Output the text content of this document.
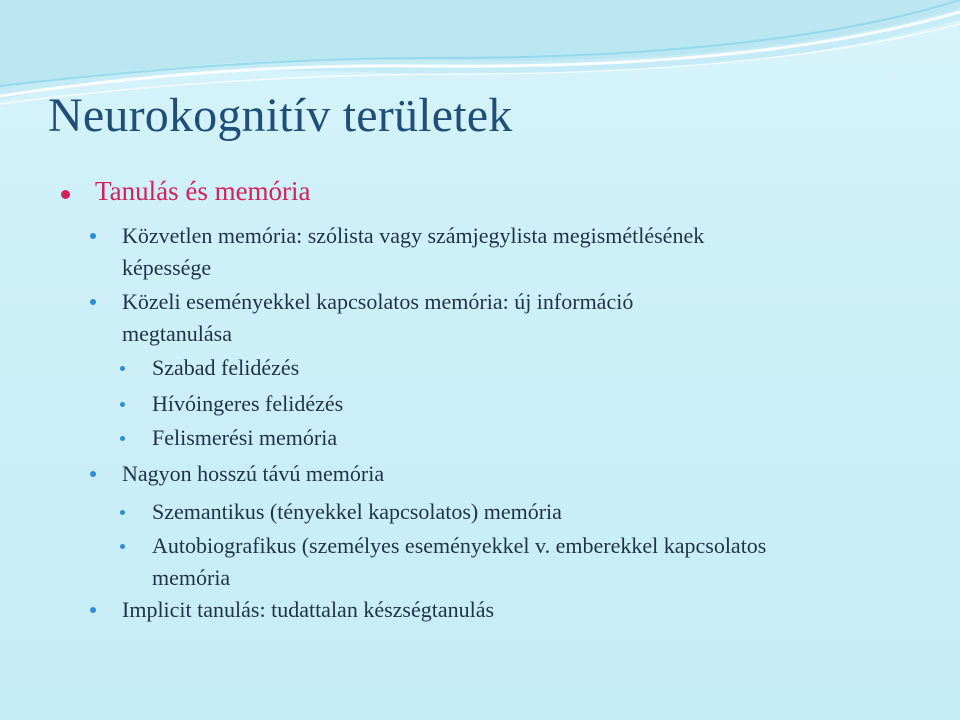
Neurokognitív területek
Tanulás és memória
Közvetlen memória: szólista vagy számjegylista megismétlésének
képessége
Közeli eseményekkel kapcsolatos memória: új információ
megtanulása
Szabad felidézés
Hívóingeres felidézés
Felismerési memória
Nagyon hosszú távú memória
Szemantikus (tényekkel kapcsolatos) memória
Autobiografikus (személyes eseményekkel v. emberekkel kapcsolatos
memória
Implicit tanulás: tudattalan készségtanulás
